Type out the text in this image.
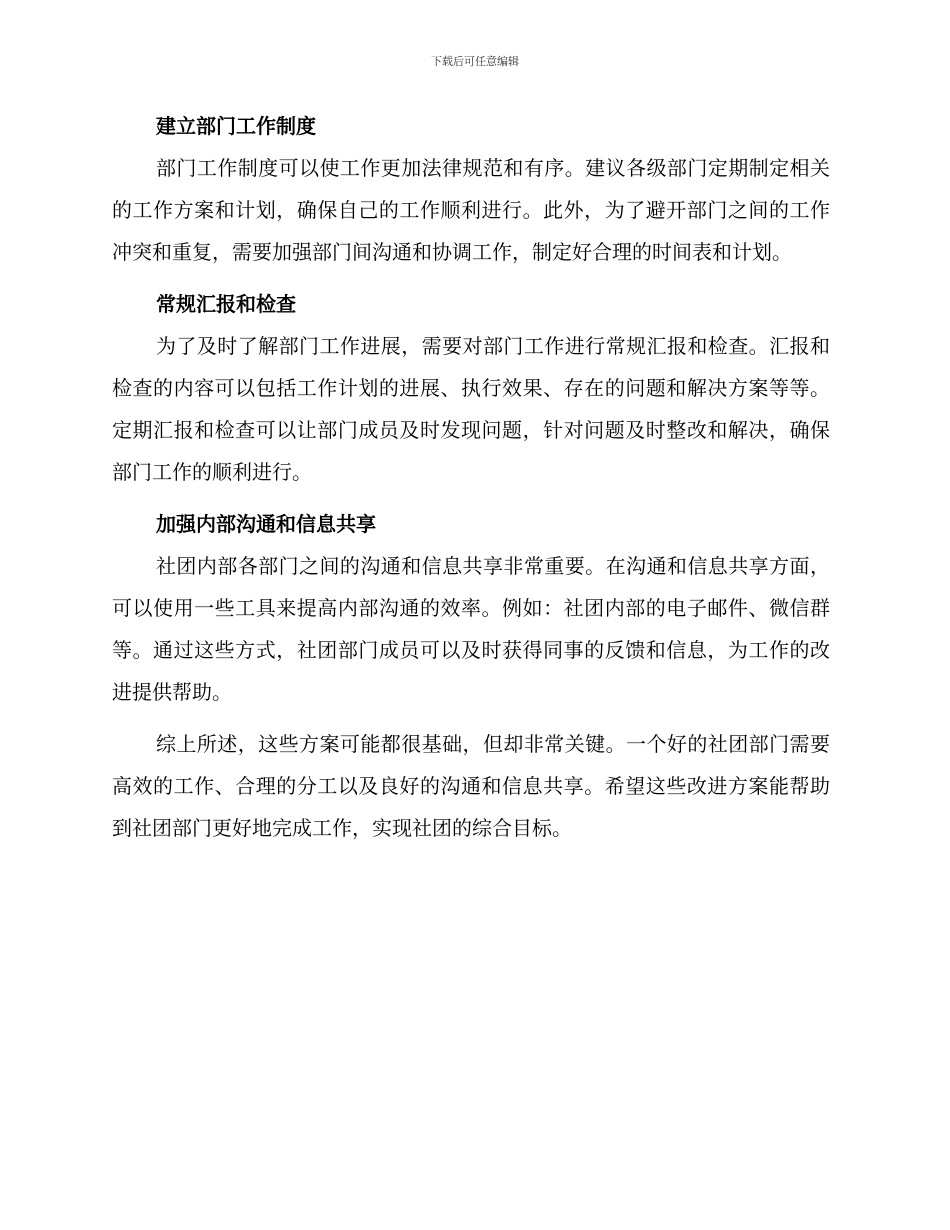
下载后可任意编辑
建立部门工作制度

部门工作制度可以使工作更加法律规范和有序。建议各级部门定期制定相关的工作方案和计划，确保自己的工作顺利进行。此外，为了避开部门之间的工作冲突和重复，需要加强部门间沟通和协调工作，制定好合理的时间表和计划。

常规汇报和检查

为了及时了解部门工作进展，需要对部门工作进行常规汇报和检查。汇报和检查的内容可以包括工作计划的进展、执行效果、存在的问题和解决方案等等。定期汇报和检查可以让部门成员及时发现问题，针对问题及时整改和解决，确保部门工作的顺利进行。

加强内部沟通和信息共享

社团内部各部门之间的沟通和信息共享非常重要。在沟通和信息共享方面，可以使用一些工具来提高内部沟通的效率。例如：社团内部的电子邮件、微信群等。通过这些方式，社团部门成员可以及时获得同事的反馈和信息，为工作的改进提供帮助。

综上所述，这些方案可能都很基础，但却非常关键。一个好的社团部门需要高效的工作、合理的分工以及良好的沟通和信息共享。希望这些改进方案能帮助到社团部门更好地完成工作，实现社团的综合目标。
